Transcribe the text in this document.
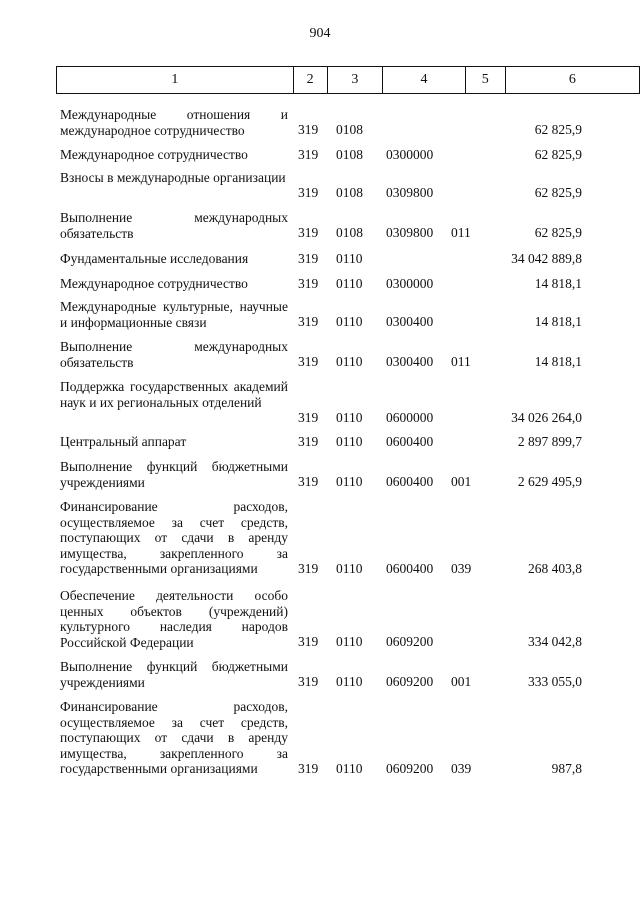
904
1	2	3	4	5	6
Международные отношения и международное сотрудничество	319 0108	62 825,9
Международное сотрудничество	319 0108 0300000	62 825,9
Взносы в международные организации
319 0108 0309800	62 825,9
Выполнение международных обязательств	319 0108 0309800 011	62 825,9
Фундаментальные исследования	319 0110	34 042 889,8
Международное сотрудничество	319 0110 0300000	14 818,1
Международные культурные, научные и информационные связи	319 0110 0300400	14 818,1
Выполнение международных обязательств	319 0110 0300400 011	14 818,1
Поддержка государственных академий наук и их региональных отделений
319 0110 0600000	34 026 264,0
Центральный аппарат	319 0110 0600400	2 897 899,7
Выполнение функций бюджетными учреждениями	319 0110 0600400 001	2 629 495,9
Финансирование расходов, осуществляемое за счет средств, поступающих от сдачи в аренду имущества, закрепленного за государственными организациями	319 0110 0600400 039	268 403,8
Обеспечение деятельности особо ценных объектов (учреждений) культурного наследия народов Российской Федерации	319 0110 0609200	334 042,8
Выполнение функций бюджетными учреждениями	319 0110 0609200 001	333 055,0
Финансирование расходов, осуществляемое за счет средств, поступающих от сдачи в аренду имущества, закрепленного за государственными организациями	319 0110 0609200 039	987,8
